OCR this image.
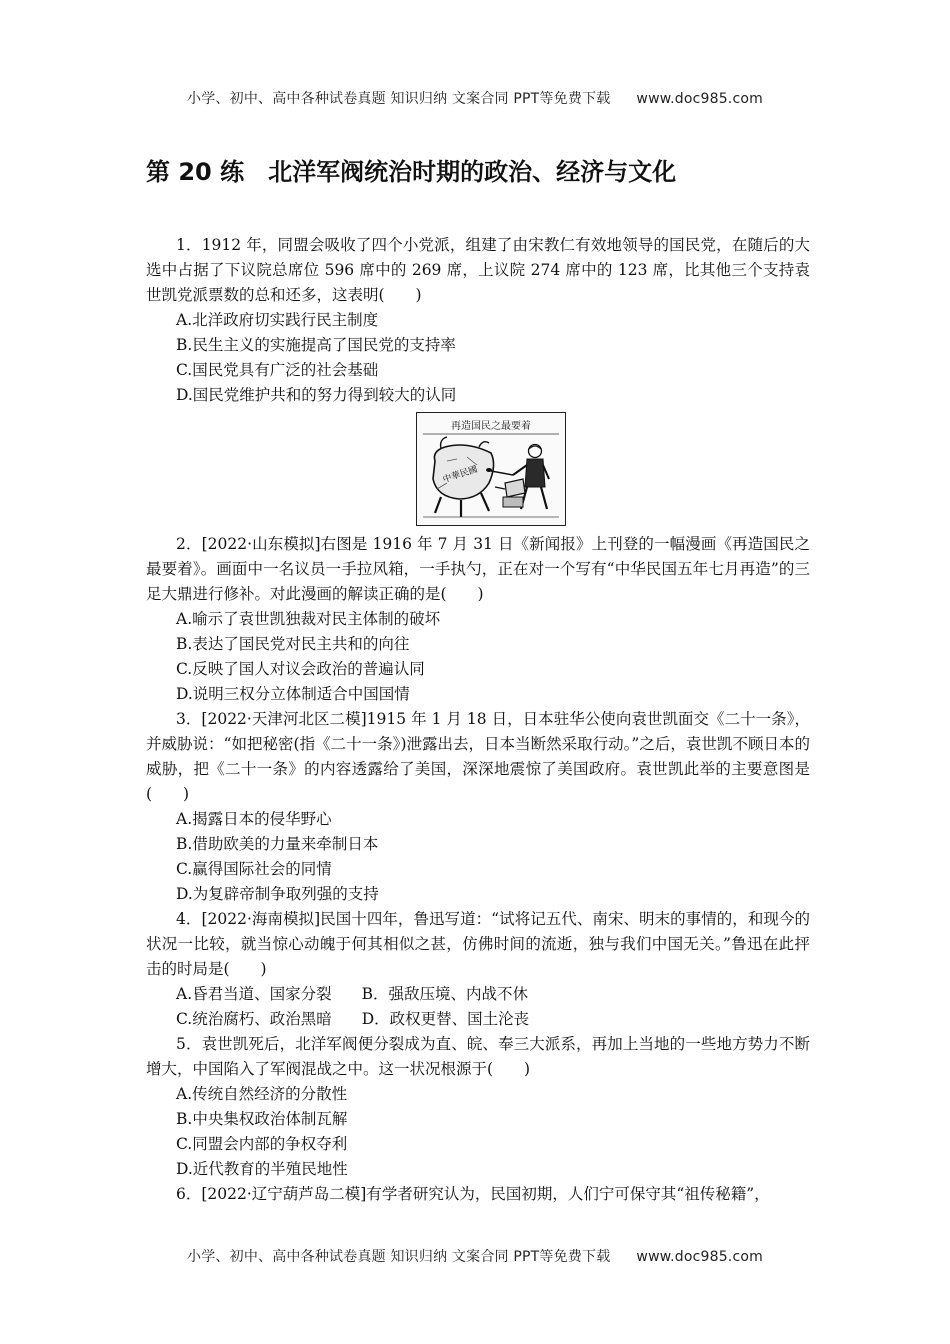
小学、初中、高中各种试卷真题 知识归纳 文案合同 PPT等免费下载 www.doc985.com
第 20 练　北洋军阀统治时期的政治、经济与文化

1．1912 年，同盟会吸收了四个小党派，组建了由宋教仁有效地领导的国民党，在随后的大选中占据了下议院总席位 596 席中的 269 席，上议院 274 席中的 123 席，比其他三个支持袁世凯党派票数的总和还多，这表明(　　)

A.北洋政府切实践行民主制度

B.民生主义的实施提高了国民党的支持率

C.国民党具有广泛的社会基础

D.国民党维护共和的努力得到较大的认同

再造国民之最要着
中華民國

2．[2022·山东模拟]右图是 1916 年 7 月 31 日《新闻报》上刊登的一幅漫画《再造国民之最要着》。画面中一名议员一手拉风箱，一手执勺，正在对一个写有“中华民国五年七月再造”的三足大鼎进行修补。对此漫画的解读正确的是(　　)

A.喻示了袁世凯独裁对民主体制的破坏

B.表达了国民党对民主共和的向往

C.反映了国人对议会政治的普遍认同

D.说明三权分立体制适合中国国情

3．[2022·天津河北区二模]1915 年 1 月 18 日，日本驻华公使向袁世凯面交《二十一条》，并威胁说：“如把秘密(指《二十一条》)泄露出去，日本当断然采取行动。”之后，袁世凯不顾日本的威胁，把《二十一条》的内容透露给了美国，深深地震惊了美国政府。袁世凯此举的主要意图是(　　)

A.揭露日本的侵华野心

B.借助欧美的力量来牵制日本

C.赢得国际社会的同情

D.为复辟帝制争取列强的支持

4．[2022·海南模拟]民国十四年，鲁迅写道：“试将记五代、南宋、明末的事情的，和现今的状况一比较，就当惊心动魄于何其相似之甚，仿佛时间的流逝，独与我们中国无关。”鲁迅在此抨击的时局是(　　)

A.昏君当道、国家分裂 B．强敌压境、内战不休

C.统治腐朽、政治黑暗 D．政权更替、国土沦丧

5．袁世凯死后，北洋军阀便分裂成为直、皖、奉三大派系，再加上当地的一些地方势力不断增大，中国陷入了军阀混战之中。这一状况根源于(　　)

A.传统自然经济的分散性

B.中央集权政治体制瓦解

C.同盟会内部的争权夺利

D.近代教育的半殖民地性

6．[2022·辽宁葫芦岛二模]有学者研究认为，民国初期，人们宁可保守其“祖传秘籍”，

小学、初中、高中各种试卷真题 知识归纳 文案合同 PPT等免费下载 www.doc985.com
